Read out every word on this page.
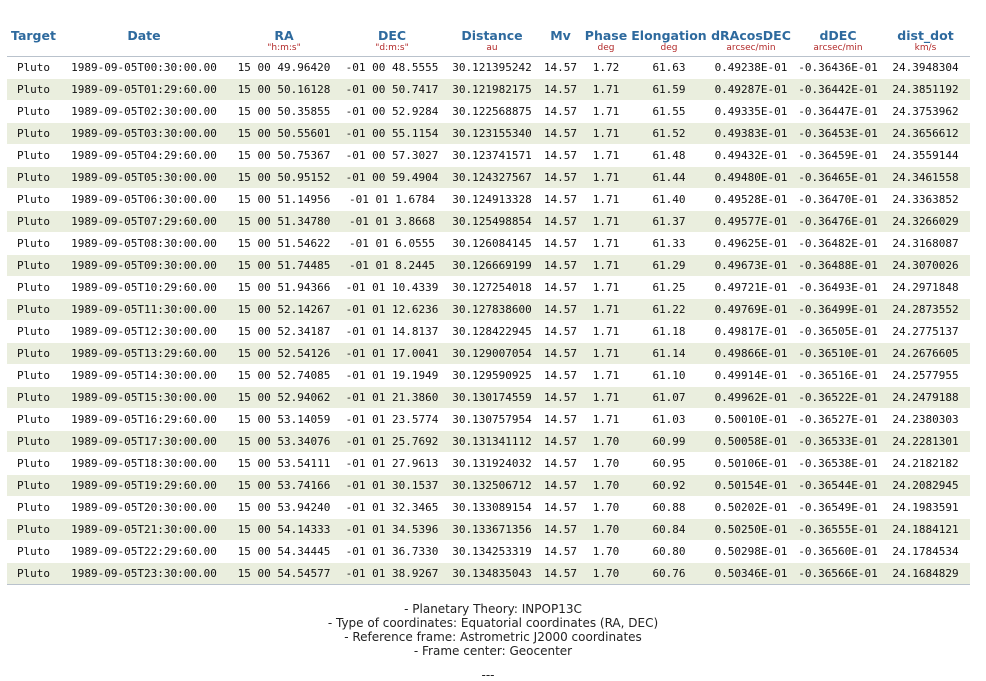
Target	Date	RA	DEC	Distance	Mv	Phase	Elongation	dRAcosDEC	dDEC	dist_dot
		"h:m:s"	"d:m:s"	au		deg	deg	arcsec/min	arcsec/min	km/s
Pluto	1989-09-05T00:30:00.00	15 00 49.96420	-01 00 48.5555	30.121395242	14.57	1.72	61.63	0.49238E-01	-0.36436E-01	24.3948304
Pluto	1989-09-05T01:29:60.00	15 00 50.16128	-01 00 50.7417	30.121982175	14.57	1.71	61.59	0.49287E-01	-0.36442E-01	24.3851192
Pluto	1989-09-05T02:30:00.00	15 00 50.35855	-01 00 52.9284	30.122568875	14.57	1.71	61.55	0.49335E-01	-0.36447E-01	24.3753962
Pluto	1989-09-05T03:30:00.00	15 00 50.55601	-01 00 55.1154	30.123155340	14.57	1.71	61.52	0.49383E-01	-0.36453E-01	24.3656612
Pluto	1989-09-05T04:29:60.00	15 00 50.75367	-01 00 57.3027	30.123741571	14.57	1.71	61.48	0.49432E-01	-0.36459E-01	24.3559144
Pluto	1989-09-05T05:30:00.00	15 00 50.95152	-01 00 59.4904	30.124327567	14.57	1.71	61.44	0.49480E-01	-0.36465E-01	24.3461558
Pluto	1989-09-05T06:30:00.00	15 00 51.14956	-01 01 1.6784	30.124913328	14.57	1.71	61.40	0.49528E-01	-0.36470E-01	24.3363852
Pluto	1989-09-05T07:29:60.00	15 00 51.34780	-01 01 3.8668	30.125498854	14.57	1.71	61.37	0.49577E-01	-0.36476E-01	24.3266029
Pluto	1989-09-05T08:30:00.00	15 00 51.54622	-01 01 6.0555	30.126084145	14.57	1.71	61.33	0.49625E-01	-0.36482E-01	24.3168087
Pluto	1989-09-05T09:30:00.00	15 00 51.74485	-01 01 8.2445	30.126669199	14.57	1.71	61.29	0.49673E-01	-0.36488E-01	24.3070026
Pluto	1989-09-05T10:29:60.00	15 00 51.94366	-01 01 10.4339	30.127254018	14.57	1.71	61.25	0.49721E-01	-0.36493E-01	24.2971848
Pluto	1989-09-05T11:30:00.00	15 00 52.14267	-01 01 12.6236	30.127838600	14.57	1.71	61.22	0.49769E-01	-0.36499E-01	24.2873552
Pluto	1989-09-05T12:30:00.00	15 00 52.34187	-01 01 14.8137	30.128422945	14.57	1.71	61.18	0.49817E-01	-0.36505E-01	24.2775137
Pluto	1989-09-05T13:29:60.00	15 00 52.54126	-01 01 17.0041	30.129007054	14.57	1.71	61.14	0.49866E-01	-0.36510E-01	24.2676605
Pluto	1989-09-05T14:30:00.00	15 00 52.74085	-01 01 19.1949	30.129590925	14.57	1.71	61.10	0.49914E-01	-0.36516E-01	24.2577955
Pluto	1989-09-05T15:30:00.00	15 00 52.94062	-01 01 21.3860	30.130174559	14.57	1.71	61.07	0.49962E-01	-0.36522E-01	24.2479188
Pluto	1989-09-05T16:29:60.00	15 00 53.14059	-01 01 23.5774	30.130757954	14.57	1.71	61.03	0.50010E-01	-0.36527E-01	24.2380303
Pluto	1989-09-05T17:30:00.00	15 00 53.34076	-01 01 25.7692	30.131341112	14.57	1.70	60.99	0.50058E-01	-0.36533E-01	24.2281301
Pluto	1989-09-05T18:30:00.00	15 00 53.54111	-01 01 27.9613	30.131924032	14.57	1.70	60.95	0.50106E-01	-0.36538E-01	24.2182182
Pluto	1989-09-05T19:29:60.00	15 00 53.74166	-01 01 30.1537	30.132506712	14.57	1.70	60.92	0.50154E-01	-0.36544E-01	24.2082945
Pluto	1989-09-05T20:30:00.00	15 00 53.94240	-01 01 32.3465	30.133089154	14.57	1.70	60.88	0.50202E-01	-0.36549E-01	24.1983591
Pluto	1989-09-05T21:30:00.00	15 00 54.14333	-01 01 34.5396	30.133671356	14.57	1.70	60.84	0.50250E-01	-0.36555E-01	24.1884121
Pluto	1989-09-05T22:29:60.00	15 00 54.34445	-01 01 36.7330	30.134253319	14.57	1.70	60.80	0.50298E-01	-0.36560E-01	24.1784534
Pluto	1989-09-05T23:30:00.00	15 00 54.54577	-01 01 38.9267	30.134835043	14.57	1.70	60.76	0.50346E-01	-0.36566E-01	24.1684829
- Planetary Theory: INPOP13C
- Type of coordinates: Equatorial coordinates (RA, DEC)
- Reference frame: Astrometric J2000 coordinates
- Frame center: Geocenter
---
